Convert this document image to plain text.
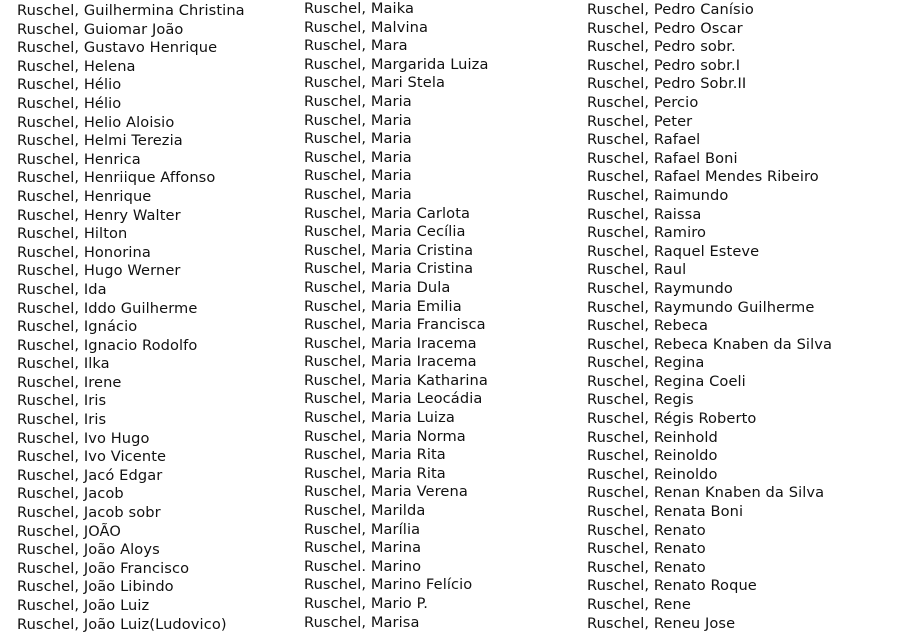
Ruschel, Guilhermina Christina
Ruschel, Guiomar João
Ruschel, Gustavo Henrique
Ruschel, Helena
Ruschel, Hélio
Ruschel, Hélio
Ruschel, Helio Aloisio
Ruschel, Helmi Terezia
Ruschel, Henrica
Ruschel, Henriique Affonso
Ruschel, Henrique
Ruschel, Henry Walter
Ruschel, Hilton
Ruschel, Honorina
Ruschel, Hugo Werner
Ruschel, Ida
Ruschel, Iddo Guilherme
Ruschel, Ignácio
Ruschel, Ignacio Rodolfo
Ruschel, Ilka
Ruschel, Irene
Ruschel, Iris
Ruschel, Iris
Ruschel, Ivo Hugo
Ruschel, Ivo Vicente
Ruschel, Jacó Edgar
Ruschel, Jacob
Ruschel, Jacob sobr
Ruschel, JOÃO
Ruschel, João Aloys
Ruschel, João Francisco
Ruschel, João Libindo
Ruschel, João Luiz
Ruschel, João Luiz(Ludovico)
Ruschel, Maika
Ruschel, Malvina
Ruschel, Mara
Ruschel, Margarida Luiza
Ruschel, Mari Stela
Ruschel, Maria
Ruschel, Maria
Ruschel, Maria
Ruschel, Maria
Ruschel, Maria
Ruschel, Maria
Ruschel, Maria Carlota
Ruschel, Maria Cecília
Ruschel, Maria Cristina
Ruschel, Maria Cristina
Ruschel, Maria Dula
Ruschel, Maria Emilia
Ruschel, Maria Francisca
Ruschel, Maria Iracema
Ruschel, Maria Iracema
Ruschel, Maria Katharina
Ruschel, Maria Leocádia
Ruschel, Maria Luiza
Ruschel, Maria Norma
Ruschel, Maria Rita
Ruschel, Maria Rita
Ruschel, Maria Verena
Ruschel, Marilda
Ruschel, Marília
Ruschel, Marina
Ruschel. Marino
Ruschel, Marino Felício
Ruschel, Mario P.
Ruschel, Marisa
Ruschel, Pedro Canísio
Ruschel, Pedro Oscar
Ruschel, Pedro sobr.
Ruschel, Pedro sobr.I
Ruschel, Pedro Sobr.II
Ruschel, Percio
Ruschel, Peter
Ruschel, Rafael
Ruschel, Rafael Boni
Ruschel, Rafael Mendes Ribeiro
Ruschel, Raimundo
Ruschel, Raissa
Ruschel, Ramiro
Ruschel, Raquel Esteve
Ruschel, Raul
Ruschel, Raymundo
Ruschel, Raymundo Guilherme
Ruschel, Rebeca
Ruschel, Rebeca Knaben da Silva
Ruschel, Regina
Ruschel, Regina Coeli
Ruschel, Regis
Ruschel, Régis Roberto
Ruschel, Reinhold
Ruschel, Reinoldo
Ruschel, Reinoldo
Ruschel, Renan Knaben da Silva
Ruschel, Renata Boni
Ruschel, Renato
Ruschel, Renato
Ruschel, Renato
Ruschel, Renato Roque
Ruschel, Rene
Ruschel, Reneu Jose
